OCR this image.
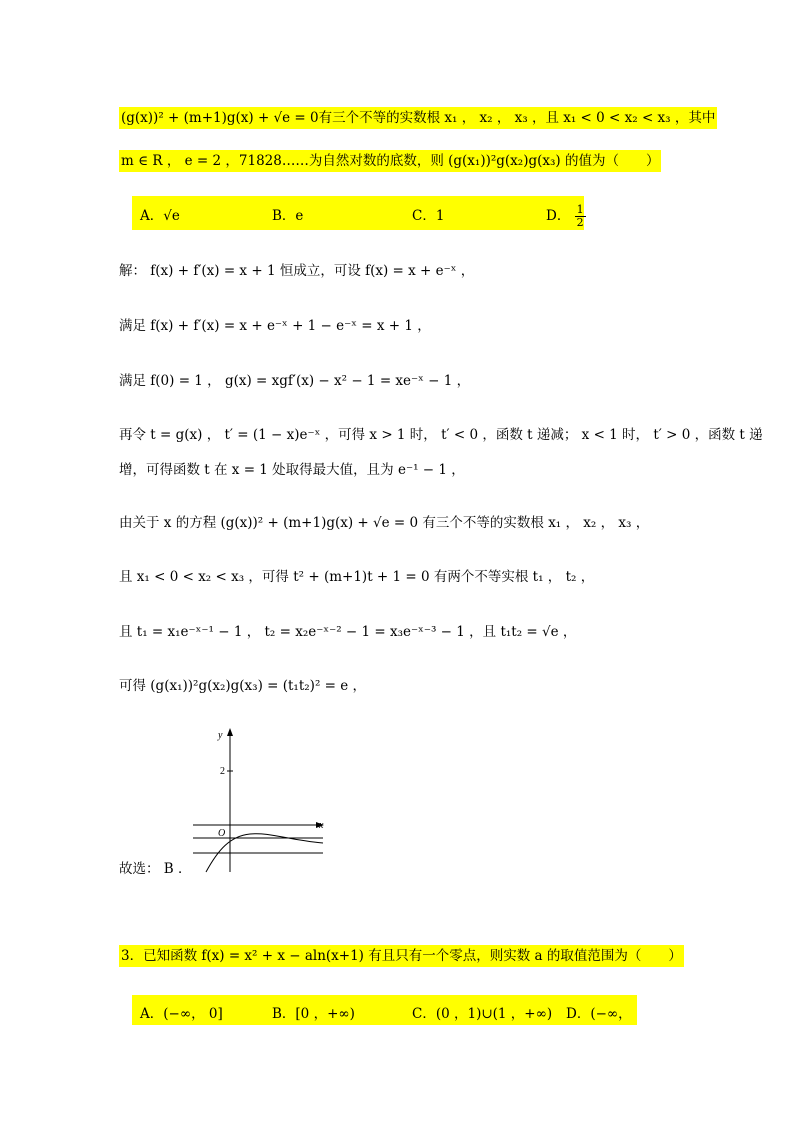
(g(x))² + (m+1)g(x) + √e = 0有三个不等的实数根 x₁ ， x₂ ， x₃ ，且 x₁ < 0 < x₂ < x₃ ，其中
m ∈ R ， e = 2 ，71828……为自然对数的底数，则 (g(x₁))²g(x₂)g(x₃) 的值为（　　）
A．√e	B．e	C．1	D． $\frac{1}{2}$
解： f(x) + f′(x) = x + 1 恒成立，可设 f(x) = x + e⁻ˣ ，
满足 f(x) + f′(x) = x + e⁻ˣ + 1 − e⁻ˣ = x + 1 ，
满足 f(0) = 1 ， g(x) = xgf′(x) − x² − 1 = xe⁻ˣ − 1 ，
再令 t = g(x) ， t′ = (1 − x)e⁻ˣ ，可得 x > 1 时， t′ < 0 ，函数 t 递减； x < 1 时， t′ > 0 ，函数 t 递
增，可得函数 t 在 x = 1 处取得最大值，且为 e⁻¹ − 1 ，
由关于 x 的方程 (g(x))² + (m+1)g(x) + √e = 0 有三个不等的实数根 x₁ ， x₂ ， x₃ ，
且 x₁ < 0 < x₂ < x₃ ，可得 t² + (m+1)t + 1 = 0 有两个不等实根 t₁ ， t₂ ，
且 t₁ = x₁e⁻ˣ⁻¹ − 1 ， t₂ = x₂e⁻ˣ⁻² − 1 = x₃e⁻ˣ⁻³ − 1 ，且 t₁t₂ = √e ，
可得 (g(x₁))²g(x₂)g(x₃) = (t₁t₂)² = e ，
y
2
x
O
故选： B ．
3．已知函数 f(x) = x² + x − aln(x+1) 有且只有一个零点，则实数 a 的取值范围为（　　）
A．(−∞， 0]	B．[0 ，+∞)	C．(0 ，1)∪(1 ，+∞) D．(−∞，
